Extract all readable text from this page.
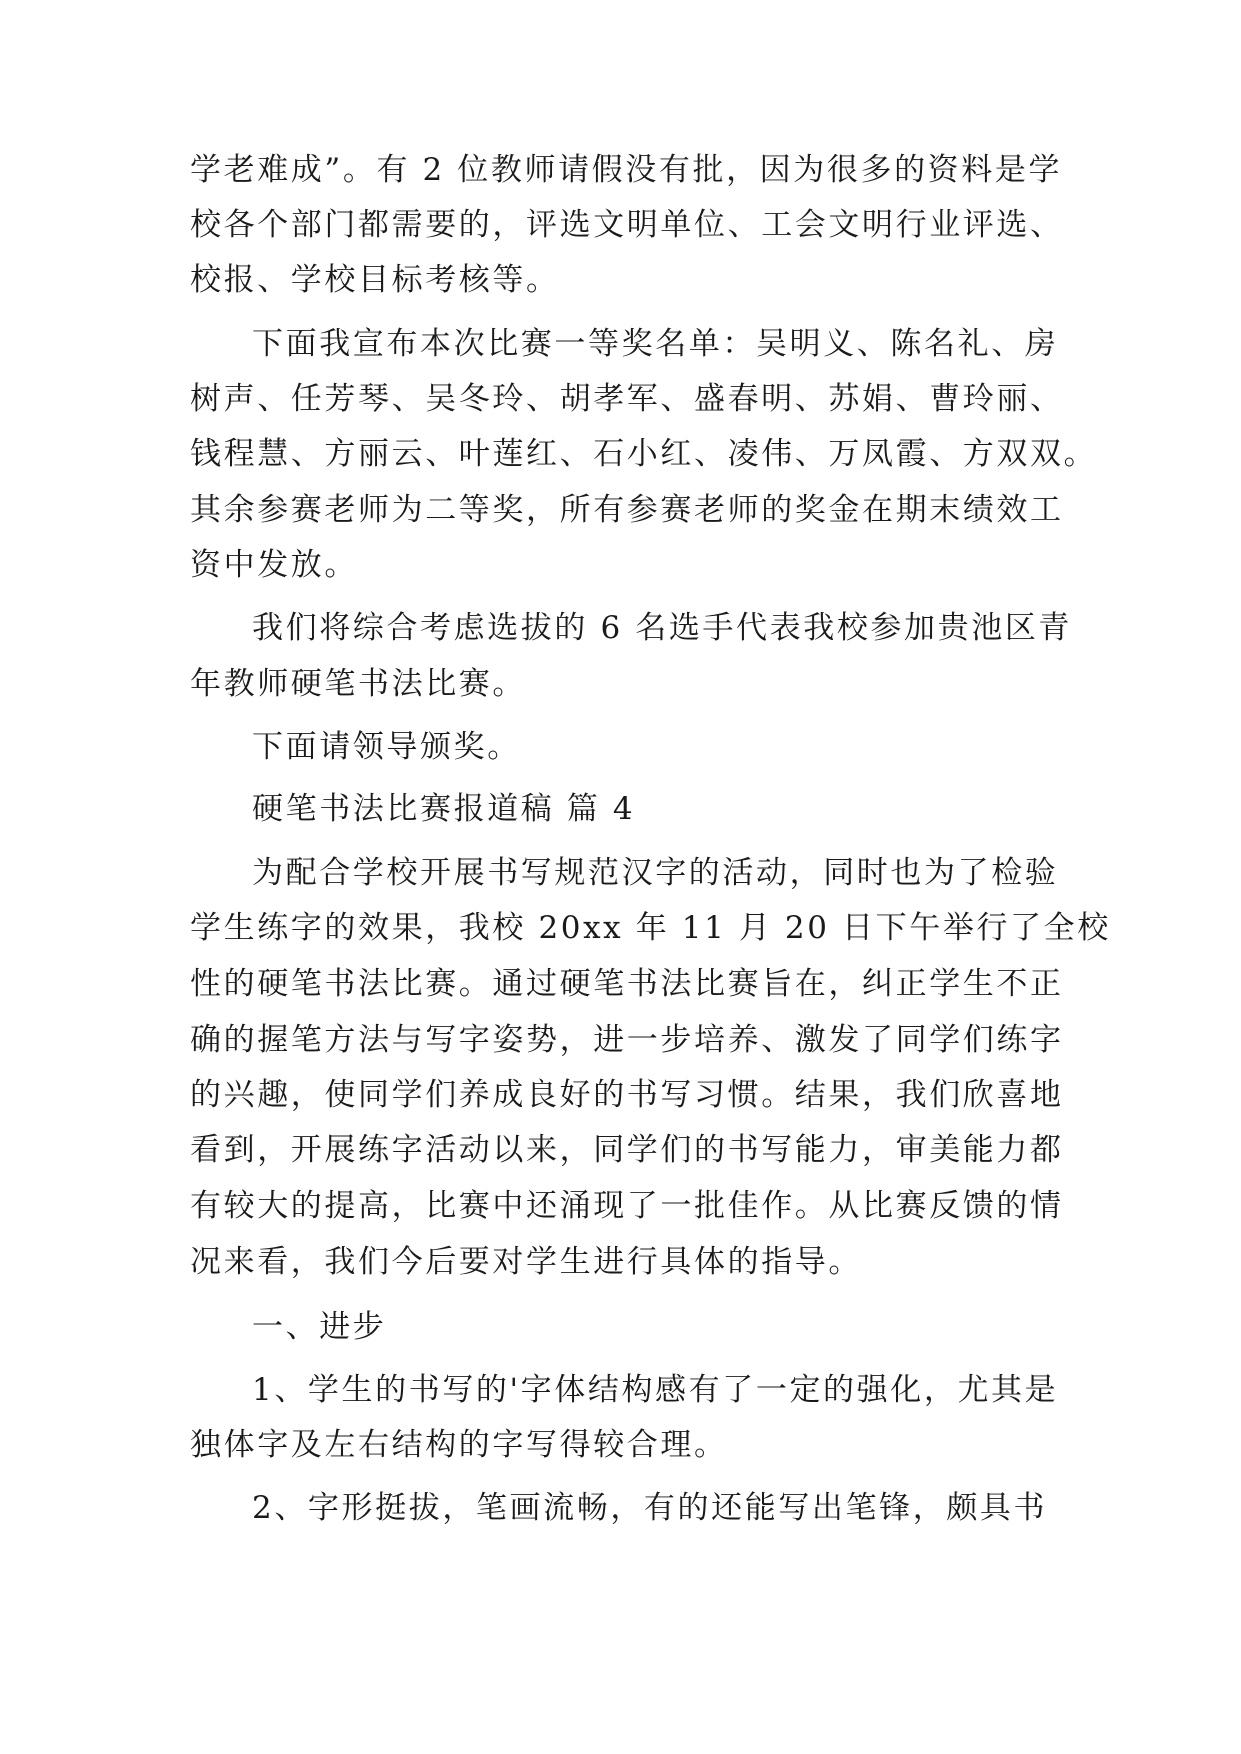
学老难成”。有 2 位教师请假没有批，因为很多的资料是学
校各个部门都需要的，评选文明单位、工会文明行业评选、
校报、学校目标考核等。
下面我宣布本次比赛一等奖名单：吴明义、陈名礼、房
树声、任芳琴、吴冬玲、胡孝军、盛春明、苏娟、曹玲丽、
钱程慧、方丽云、叶莲红、石小红、凌伟、万凤霞、方双双。
其余参赛老师为二等奖，所有参赛老师的奖金在期末绩效工
资中发放。
我们将综合考虑选拔的 6 名选手代表我校参加贵池区青
年教师硬笔书法比赛。
下面请领导颁奖。
硬笔书法比赛报道稿 篇 4
为配合学校开展书写规范汉字的活动，同时也为了检验
学生练字的效果，我校 20xx 年 11 月 20 日下午举行了全校
性的硬笔书法比赛。通过硬笔书法比赛旨在，纠正学生不正
确的握笔方法与写字姿势，进一步培养、激发了同学们练字
的兴趣，使同学们养成良好的书写习惯。结果，我们欣喜地
看到，开展练字活动以来，同学们的书写能力，审美能力都
有较大的提高，比赛中还涌现了一批佳作。从比赛反馈的情
况来看，我们今后要对学生进行具体的指导。
一、进步
1、学生的书写的'字体结构感有了一定的强化，尤其是
独体字及左右结构的字写得较合理。
2、字形挺拔，笔画流畅，有的还能写出笔锋，颇具书
